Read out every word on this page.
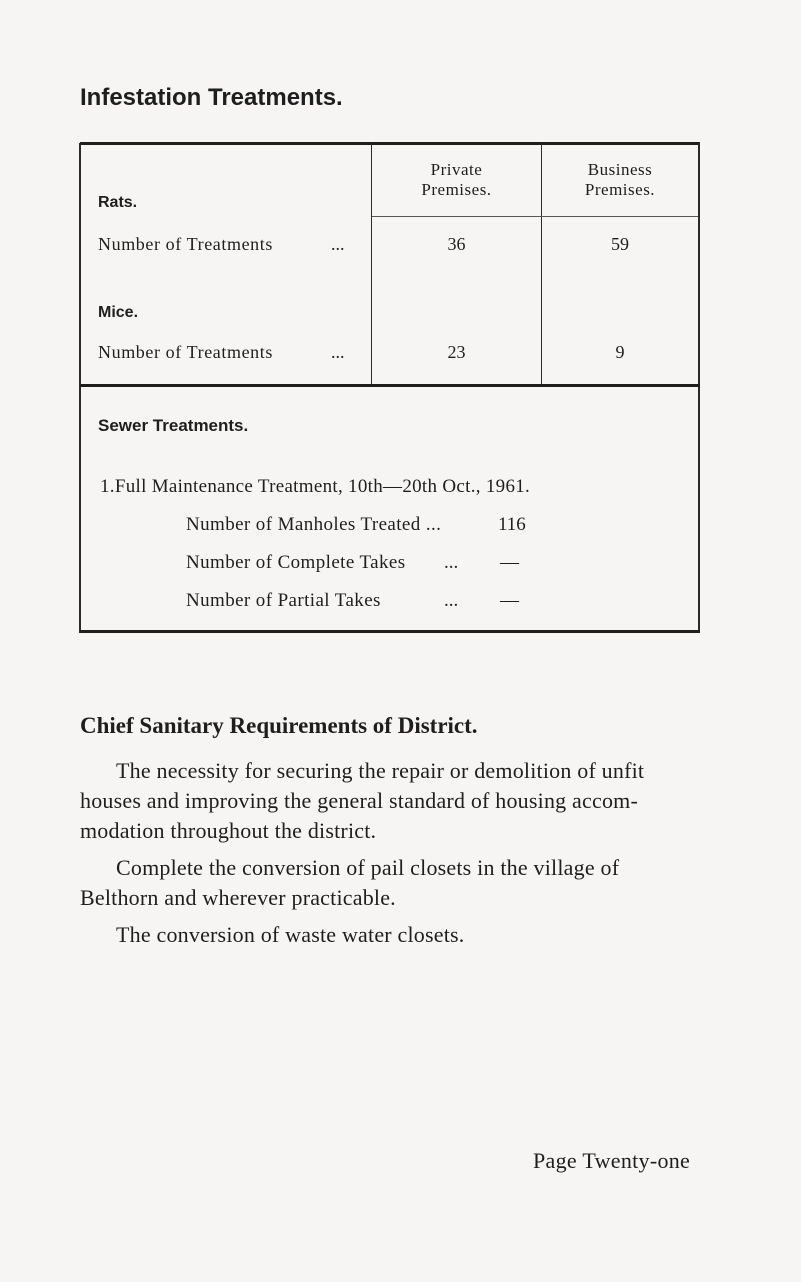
Infestation Treatments.
Private
Premises.
Business
Premises.
Rats.
Number of Treatments	...	36	59
Mice.
Number of Treatments	...	23	9
Sewer Treatments.
1.Full Maintenance Treatment, 10th—20th Oct., 1961.
Number of Manholes Treated ...	116
Number of Complete Takes ... —
Number of Partial Takes	... —
Chief Sanitary Requirements of District.
The necessity for securing the repair or demolition of unfit
houses and improving the general standard of housing accom-
modation throughout the district.
Complete the conversion of pail closets in the village of
Belthorn and wherever practicable.
The conversion of waste water closets.
Page Twenty-one
